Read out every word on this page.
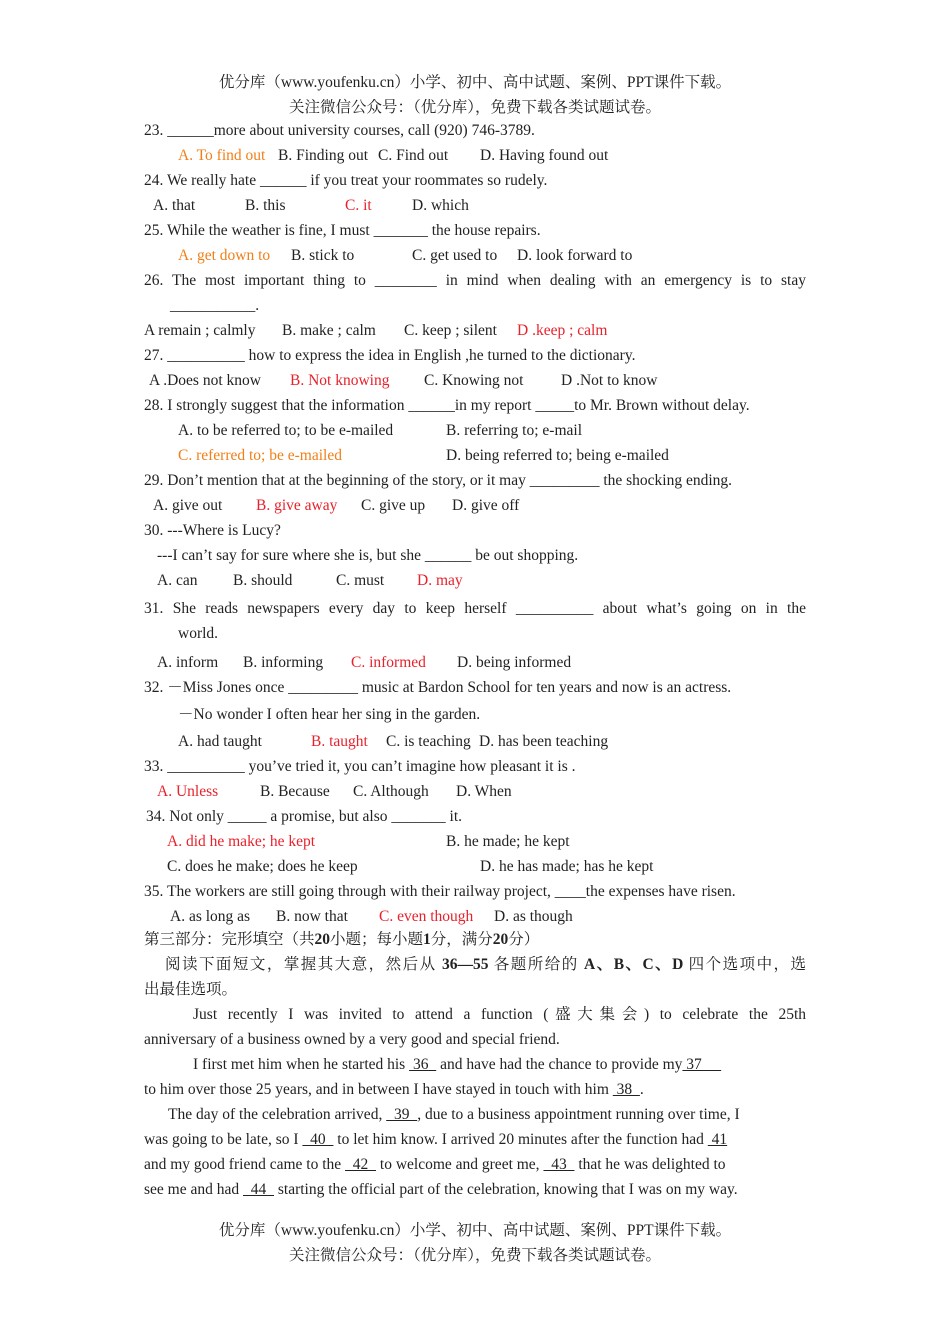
优分库（www.youfenku.cn）小学、初中、高中试题、案例、PPT课件下载。
关注微信公众号：（优分库），免费下载各类试题试卷。
23. ______more about university courses, call (920) 746-3789.
A. To find out B. Finding out C. Find out D. Having found out
24. We really hate ______ if you treat your roommates so rudely.
A. that	B. this	C. it	D. which
25. While the weather is fine, I must _______ the house repairs.
A. get down to B. stick to	C. get used to D. look forward to
26. The most important thing to ________ in mind when dealing with an emergency is to stay
___________.
A remain ; calmly B. make ; calm C. keep ; silent D .keep ; calm
27. __________ how to express the idea in English ,he turned to the dictionary.
A .Does not know B. Not knowing C. Knowing not D .Not to know
28. I strongly suggest that the information ______in my report _____to Mr. Brown without delay.
A. to be referred to; to be e-mailed	B. referring to; e-mail
C. referred to; be e-mailed	D. being referred to; being e-mailed
29. Don’t mention that at the beginning of the story, or it may _________ the shocking ending.
A. give out B. give away C. give up D. give off
30. ---Where is Lucy?
---I can’t say for sure where she is, but she ______ be out shopping.
A. can B. should	C. must D. may
31. She reads newspapers every day to keep herself __________ about what’s going on in the
world.
A. inform B. informing C. informed D. being informed
32. －Miss Jones once _________ music at Bardon School for ten years and now is an actress.
－No wonder I often hear her sing in the garden.
A. had taught	B. taught C. is teaching D. has been teaching
33. __________ you’ve tried it, you can’t imagine how pleasant it is .
A. Unless	B. Because C. Although D. When
34. Not only _____ a promise, but also _______ it.
A. did he make; he kept	B. he made; he kept
C. does he make; does he keep	D. he has made; has he kept
35. The workers are still going through with their railway project, ____the expenses have risen.
A. as long as B. now that C. even though D. as though
第三部分：完形填空（共20小题；每小题1分，满分20分）
阅读下面短文，掌握其大意，然后从 36—55 各题所给的 A、B、C、D 四个选项中，选
出最佳选项。
Just recently I was invited to attend a function (盛大集会) to celebrate the 25th
anniversary of a business owned by a very good and special friend.
I first met him when he started his  36   and have had the chance to provide my 37
to him over those 25 years, and in between I have stayed in touch with him  38  .
The day of the celebration arrived,   39  , due to a business appointment running over time, I
was going to be late, so I   40   to let him know. I arrived 20 minutes after the function had  41
and my good friend came to the   42   to welcome and greet me,   43   that he was delighted to
see me and had   44   starting the official part of the celebration, knowing that I was on my way.
优分库（www.youfenku.cn）小学、初中、高中试题、案例、PPT课件下载。
关注微信公众号：（优分库），免费下载各类试题试卷。
